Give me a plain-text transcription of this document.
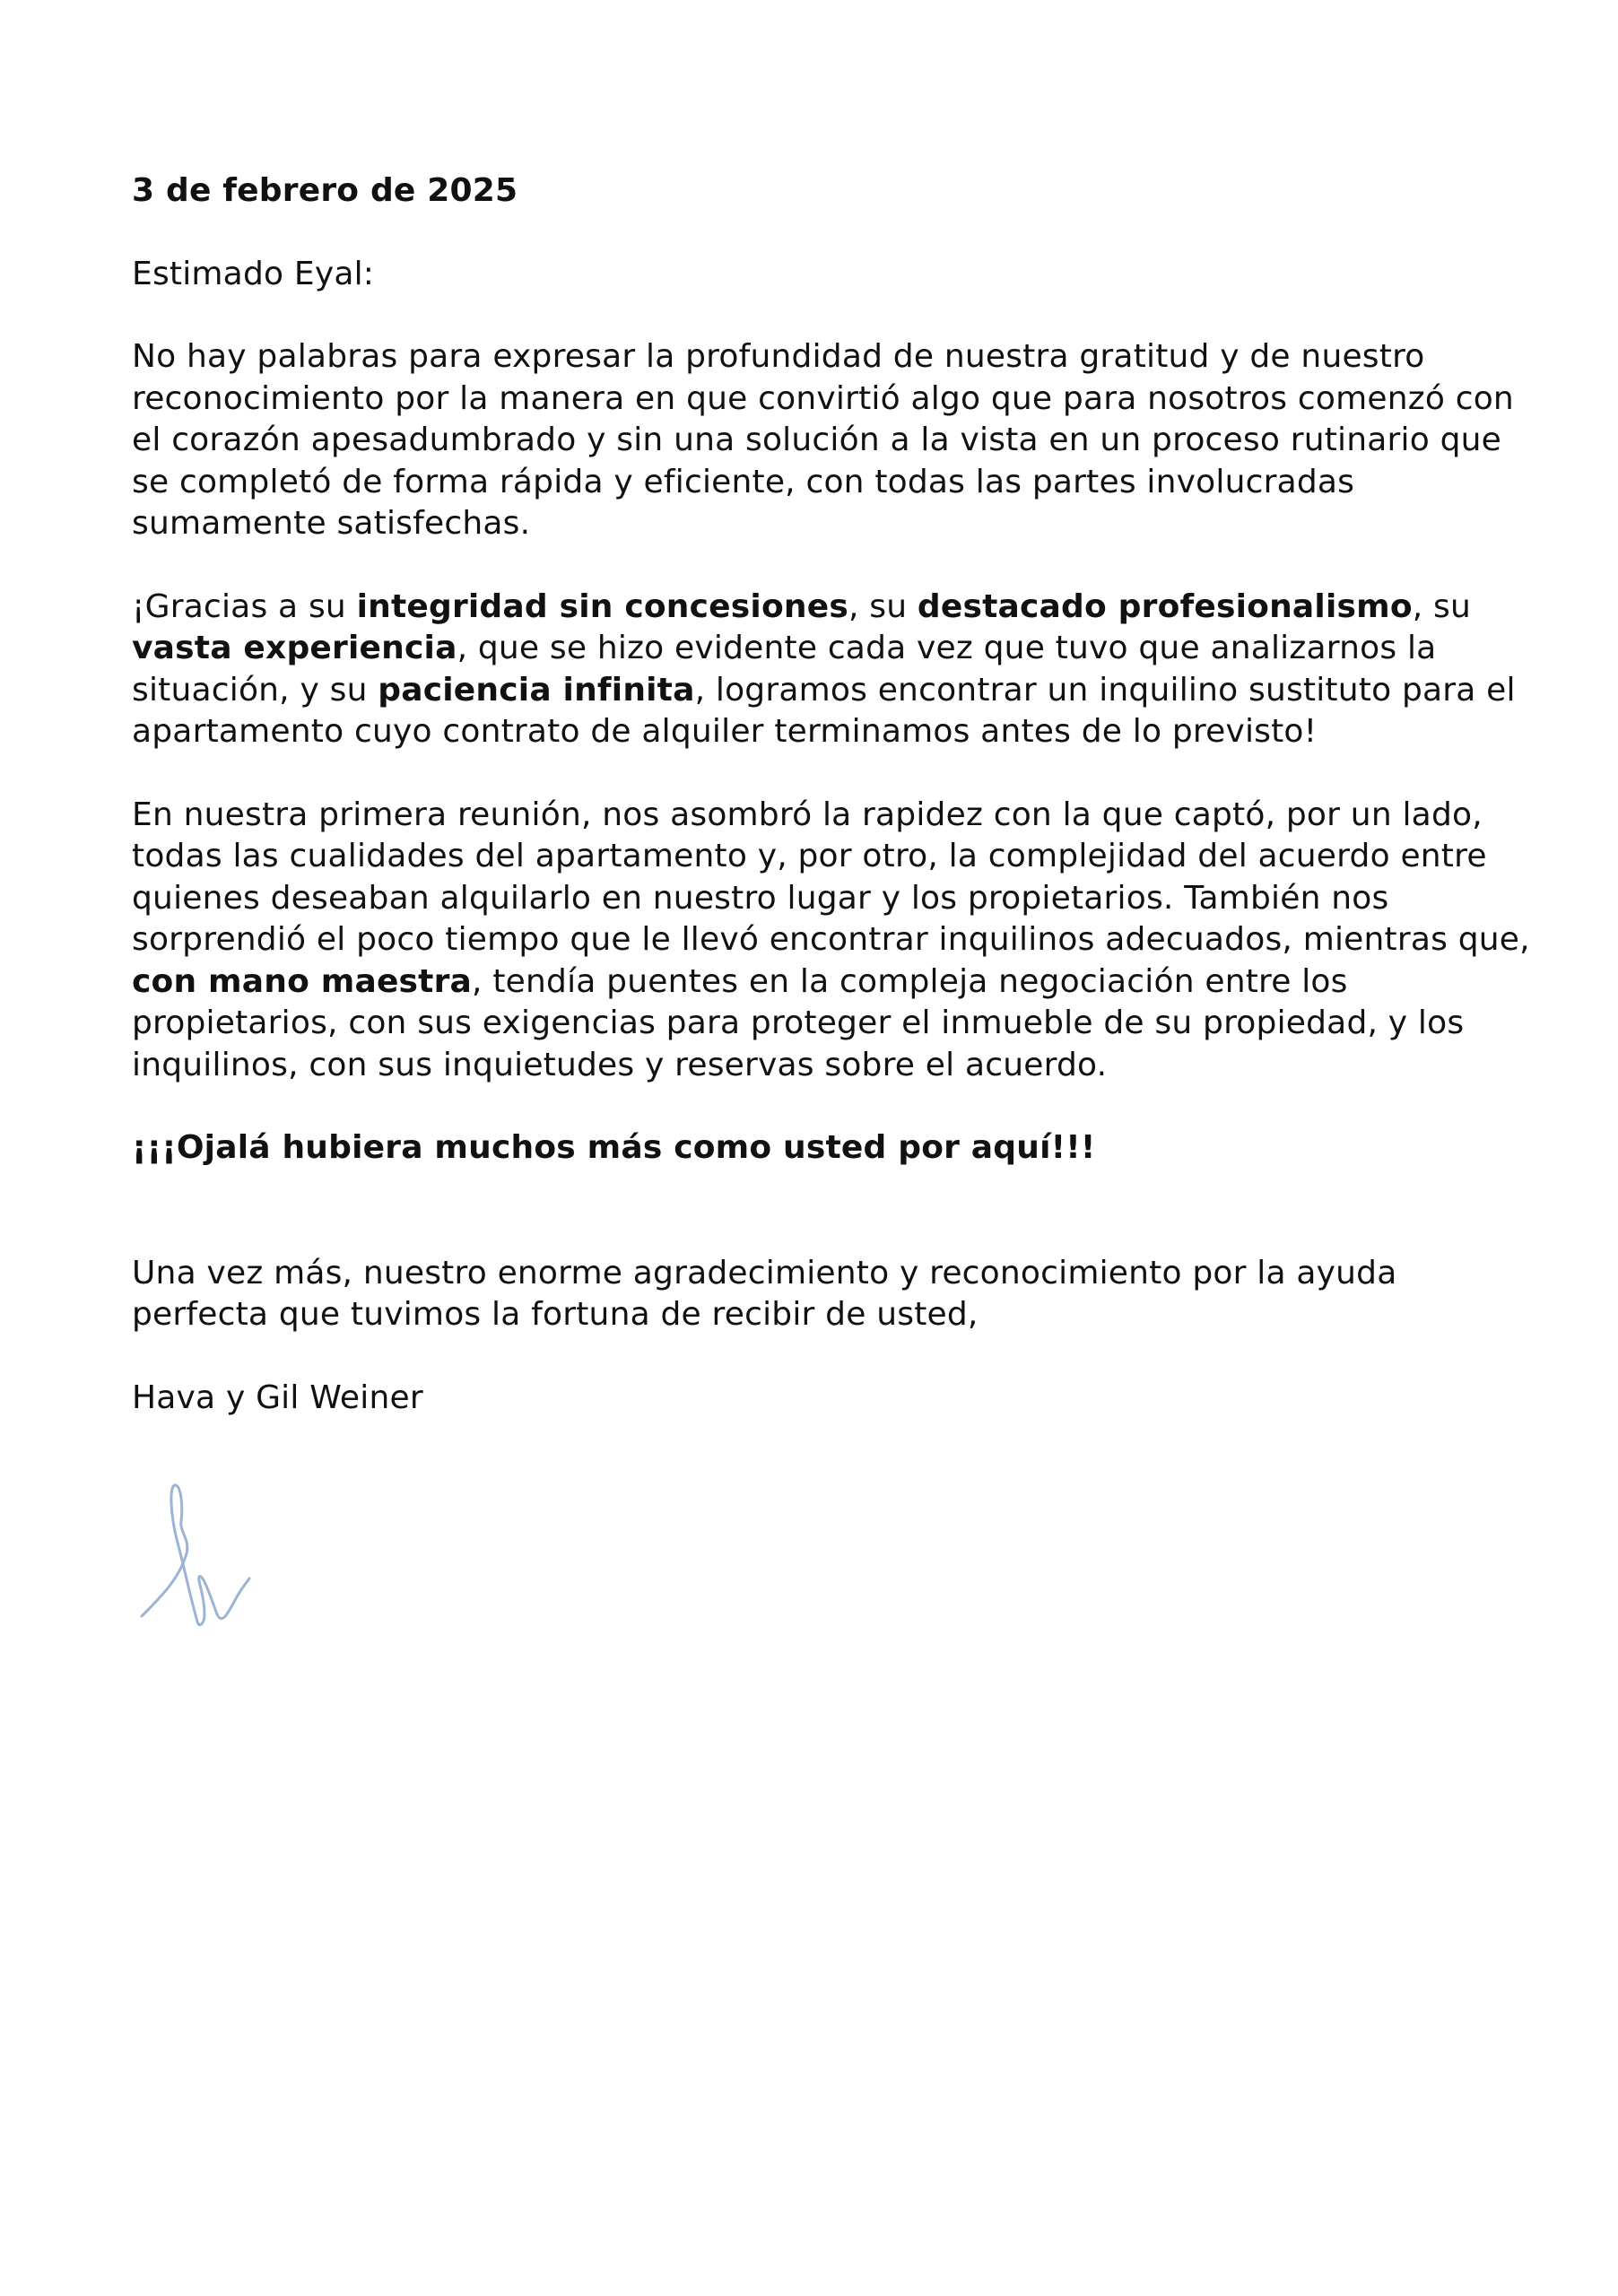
3 de febrero de 2025

Estimado Eyal:

No hay palabras para expresar la profundidad de nuestra gratitud y de nuestro reconocimiento por la manera en que convirtió algo que para nosotros comenzó con el corazón apesadumbrado y sin una solución a la vista en un proceso rutinario que se completó de forma rápida y eficiente, con todas las partes involucradas sumamente satisfechas.

¡Gracias a su integridad sin concesiones, su destacado profesionalismo, su vasta experiencia, que se hizo evidente cada vez que tuvo que analizarnos la situación, y su paciencia infinita, logramos encontrar un inquilino sustituto para el apartamento cuyo contrato de alquiler terminamos antes de lo previsto!

En nuestra primera reunión, nos asombró la rapidez con la que captó, por un lado, todas las cualidades del apartamento y, por otro, la complejidad del acuerdo entre quienes deseaban alquilarlo en nuestro lugar y los propietarios. También nos sorprendió el poco tiempo que le llevó encontrar inquilinos adecuados, mientras que, con mano maestra, tendía puentes en la compleja negociación entre los propietarios, con sus exigencias para proteger el inmueble de su propiedad, y los inquilinos, con sus inquietudes y reservas sobre el acuerdo.

¡¡¡Ojalá hubiera muchos más como usted por aquí!!!

Una vez más, nuestro enorme agradecimiento y reconocimiento por la ayuda perfecta que tuvimos la fortuna de recibir de usted,

Hava y Gil Weiner
